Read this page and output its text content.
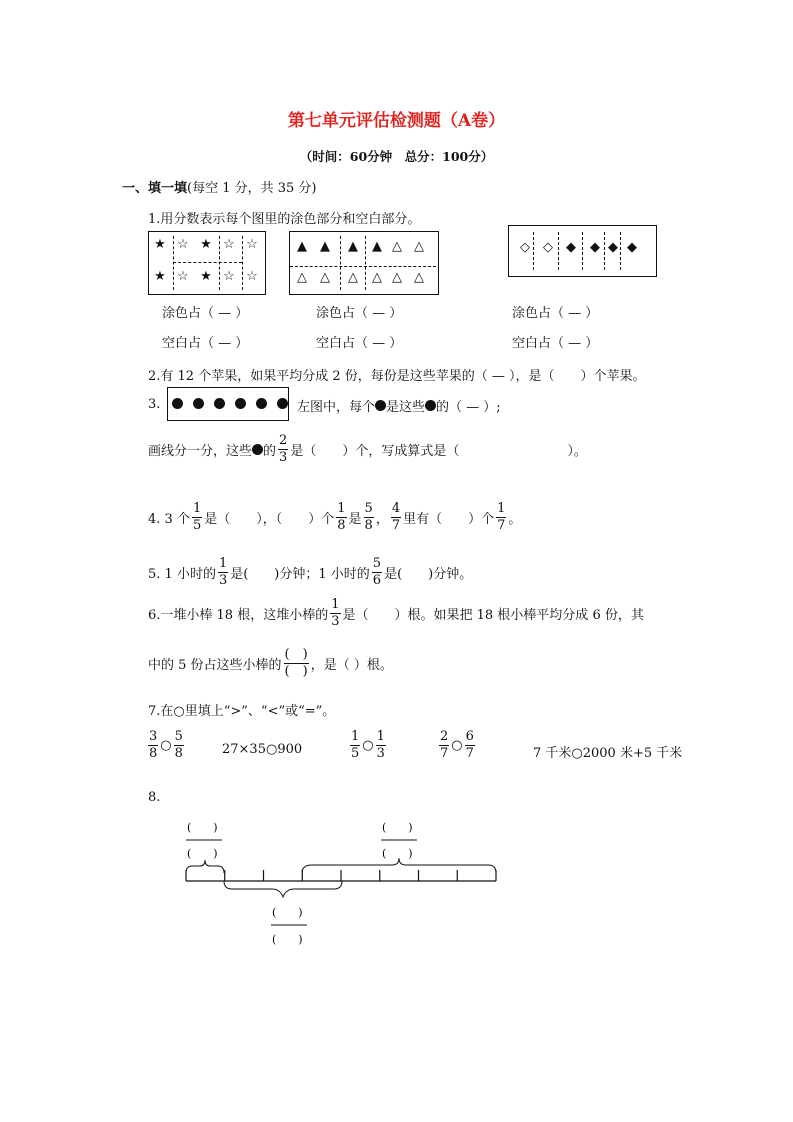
第七单元评估检测题（A卷）
（时间：60分钟　总分：100分）
一、填一填(每空 1 分，共 35 分)
1.用分数表示每个图里的涂色部分和空白部分。
★ ☆ ★ ☆ ☆
★ ☆ ★ ☆ ☆
▲ ▲ ▲ ▲ △ △
△ △ △ △ △ △
◇ ◇ ◆ ◆ ◆ ◆
涂色占（ — ）	涂色占（ — ）	涂色占（ — ）
空白占（ — ）	空白占（ — ）	空白占（ — ）
2.有 12 个苹果，如果平均分成 2 份，每份是这些苹果的（ — ），是（　　）个苹果。
3.	左图中，每个 是这些 的（ — ）;
画线分一分，这些 的 $\frac{2}{3}$ 是（　　）个，写成算式是（	）。
4. 3 个 $\frac{1}{5}$ 是（　　），（　　）个 $\frac{1}{8}$ 是 $\frac{5}{8}$ ， $\frac{4}{7}$ 里有（　　）个 $\frac{1}{7}$ 。
5. 1 小时的 $\frac{1}{3}$ 是(　　)分钟；1 小时的 $\frac{5}{6}$ 是(　　)分钟。
6.一堆小棒 18 根，这堆小棒的 $\frac{1}{3}$ 是（　　）根。如果把 18 根小棒平均分成 6 份，其
中的 5 份占这些小棒的 $\frac{( )}{( )}$ ，是（ ）根。
7.在○里填上“>”、“<”或“=”。
$\frac{3}{8}$ ○ $\frac{5}{8}$	27×35○900	$\frac{1}{5}$ ○ $\frac{1}{3}$	$\frac{2}{7}$ ○ $\frac{6}{7}$	7 千米○2000 米+5 千米
8.
(　　)
(　　)
(　　)
(　　)
(　　)
(　　)
